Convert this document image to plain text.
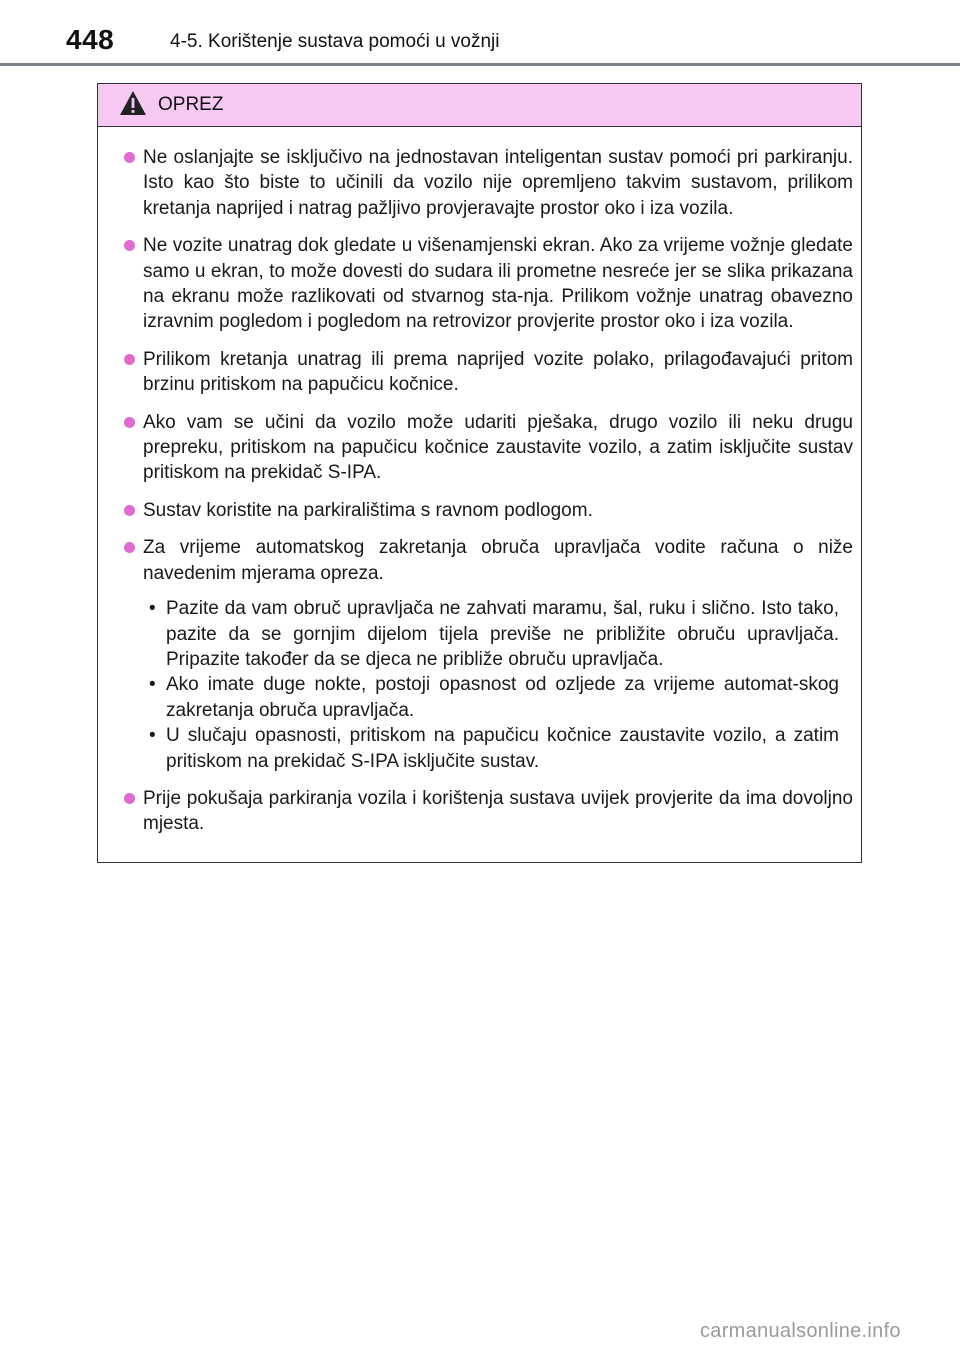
448	4-5. Korištenje sustava pomoći u vožnji
OPREZ
Ne oslanjajte se isključivo na jednostavan inteligentan sustav pomoći pri parkiranju. Isto kao što biste to učinili da vozilo nije opremljeno takvim sustavom, prilikom kretanja naprijed i natrag pažljivo provjeravajte prostor oko i iza vozila.
Ne vozite unatrag dok gledate u višenamjenski ekran. Ako za vrijeme vožnje gledate samo u ekran, to može dovesti do sudara ili prometne nesreće jer se slika prikazana na ekranu može razlikovati od stvarnog sta-nja. Prilikom vožnje unatrag obavezno izravnim pogledom i pogledom na retrovizor provjerite prostor oko i iza vozila.
Prilikom kretanja unatrag ili prema naprijed vozite polako, prilagođavajući pritom brzinu pritiskom na papučicu kočnice.
Ako vam se učini da vozilo može udariti pješaka, drugo vozilo ili neku drugu prepreku, pritiskom na papučicu kočnice zaustavite vozilo, a zatim isključite sustav pritiskom na prekidač S-IPA.
Sustav koristite na parkiralištima s ravnom podlogom.
Za vrijeme automatskog zakretanja obruča upravljača vodite računa o niže navedenim mjerama opreza.
• Pazite da vam obruč upravljača ne zahvati maramu, šal, ruku i slično. Isto tako, pazite da se gornjim dijelom tijela previše ne približite obruču upravljača. Pripazite također da se djeca ne približe obruču upravljača.
• Ako imate duge nokte, postoji opasnost od ozljede za vrijeme automat-skog zakretanja obruča upravljača.
• U slučaju opasnosti, pritiskom na papučicu kočnice zaustavite vozilo, a zatim pritiskom na prekidač S-IPA isključite sustav.
Prije pokušaja parkiranja vozila i korištenja sustava uvijek provjerite da ima dovoljno mjesta.
carmanualsonline.info
